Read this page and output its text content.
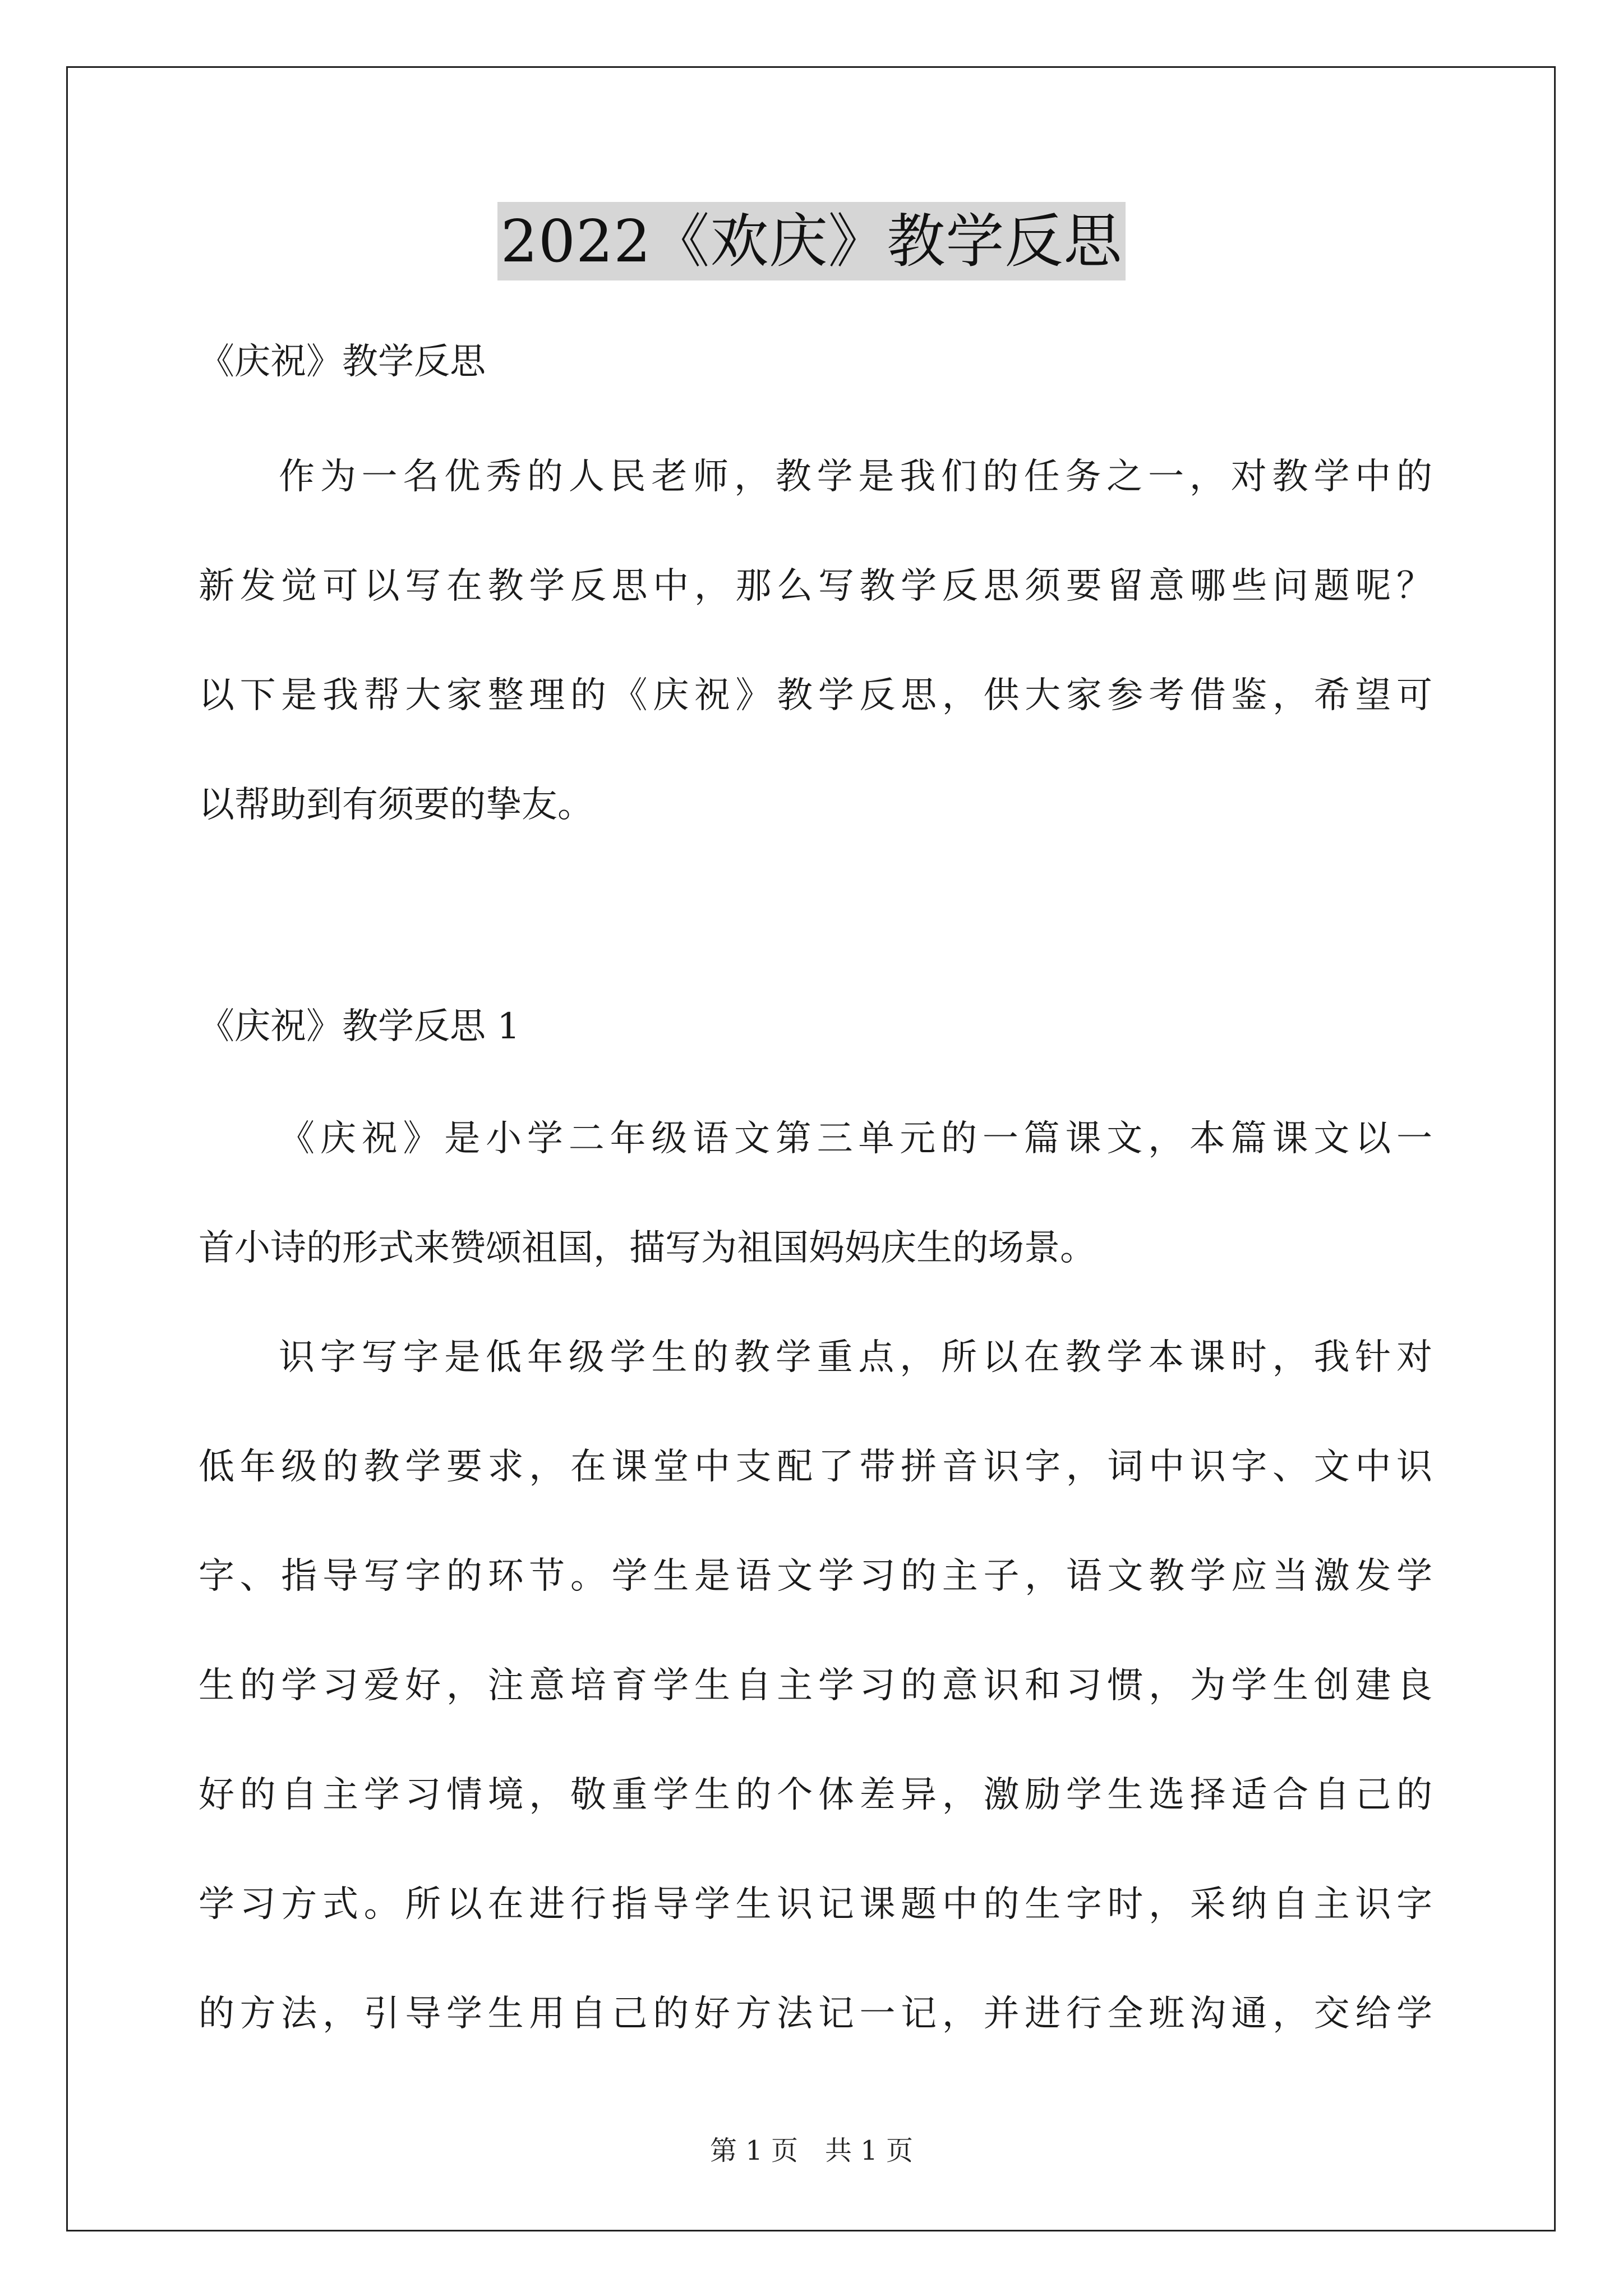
2022《欢庆》教学反思
《庆祝》教学反思
作为一名优秀的人民老师，教学是我们的任务之一，对教学中的
新发觉可以写在教学反思中，那么写教学反思须要留意哪些问题呢？
以下是我帮大家整理的《庆祝》教学反思，供大家参考借鉴，希望可
以帮助到有须要的挚友。
《庆祝》教学反思 1
《庆祝》是小学二年级语文第三单元的一篇课文，本篇课文以一
首小诗的形式来赞颂祖国，描写为祖国妈妈庆生的场景。
识字写字是低年级学生的教学重点，所以在教学本课时，我针对
低年级的教学要求，在课堂中支配了带拼音识字，词中识字、文中识
字、指导写字的环节。学生是语文学习的主子，语文教学应当激发学
生的学习爱好，注意培育学生自主学习的意识和习惯，为学生创建良
好的自主学习情境，敬重学生的个体差异，激励学生选择适合自己的
学习方式。所以在进行指导学生识记课题中的生字时，采纳自主识字
的方法，引导学生用自己的好方法记一记，并进行全班沟通，交给学
第 1 页　共 1 页
